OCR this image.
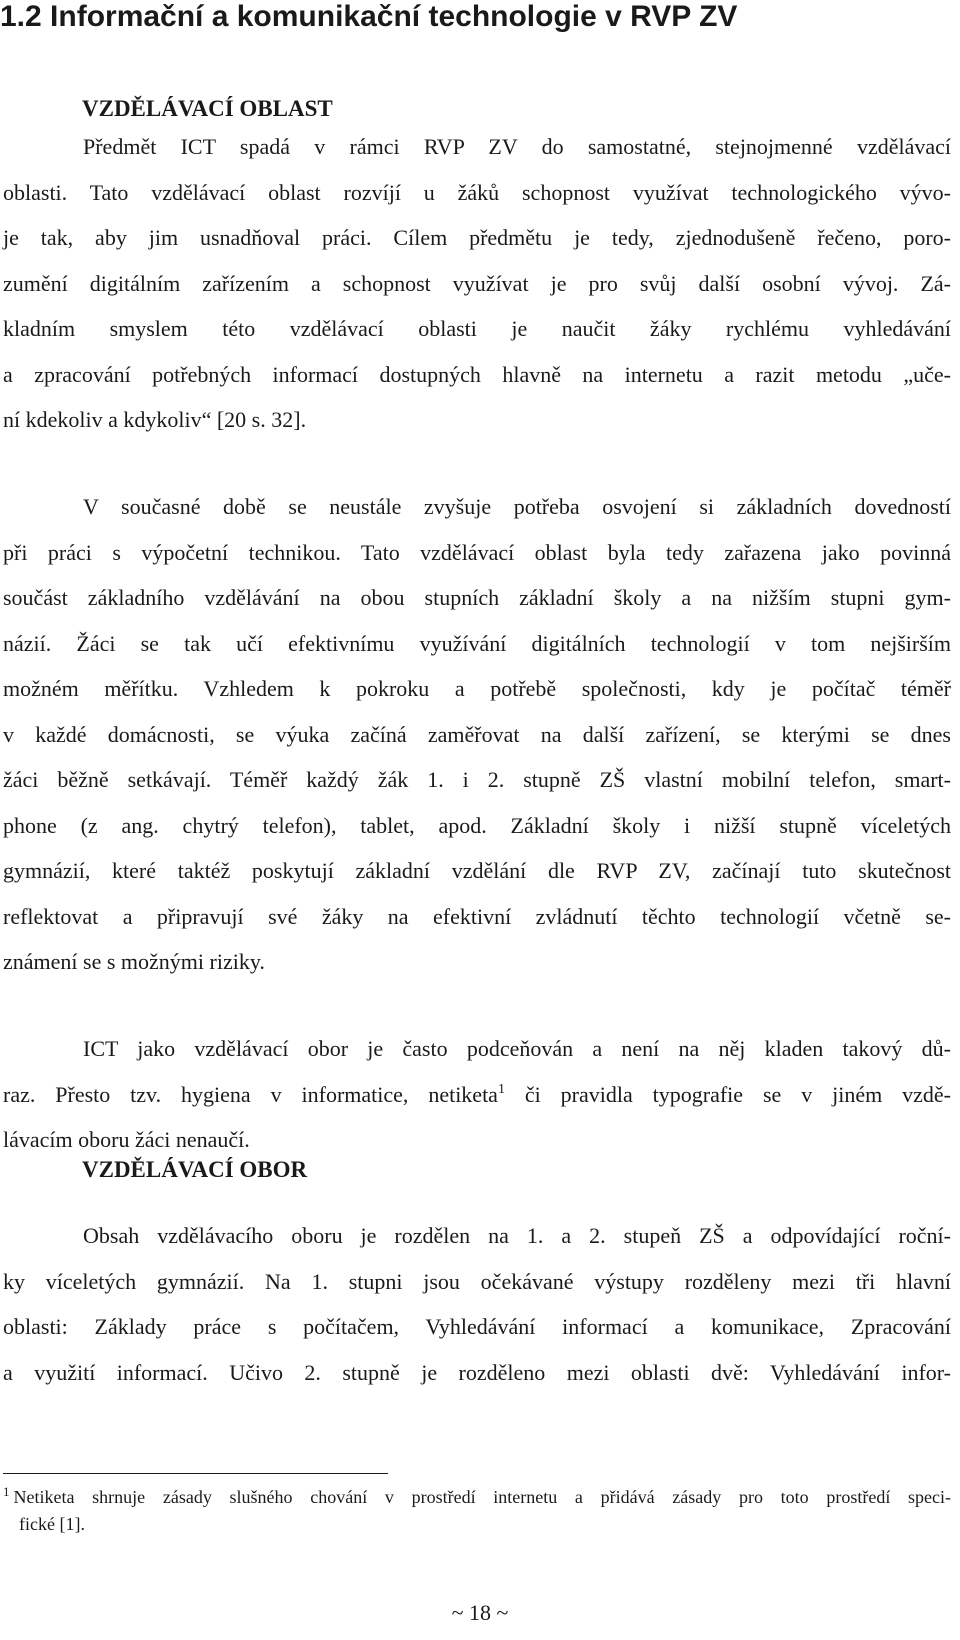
1.2 Informační a komunikační technologie v RVP ZV
VZDĚLÁVACÍ OBLAST

Předmět ICT spadá v rámci RVP ZV do samostatné, stejnojmenné vzdělávací
oblasti. Tato vzdělávací oblast rozvíjí u žáků schopnost využívat technologického vývo-
je tak, aby jim usnadňoval práci. Cílem předmětu je tedy, zjednodušeně řečeno, poro-
zumění digitálním zařízením a schopnost využívat je pro svůj další osobní vývoj. Zá-
kladním smyslem této vzdělávací oblasti je naučit žáky rychlému vyhledávání
a zpracování potřebných informací dostupných hlavně na internetu a razit metodu „uče-
ní kdekoliv a kdykoliv“ [20 s. 32].

V současné době se neustále zvyšuje potřeba osvojení si základních dovedností
při práci s výpočetní technikou. Tato vzdělávací oblast byla tedy zařazena jako povinná
součást základního vzdělávání na obou stupních základní školy a na nižším stupni gym-
názií. Žáci se tak učí efektivnímu využívání digitálních technologií v tom nejširším
možném měřítku. Vzhledem k pokroku a potřebě společnosti, kdy je počítač téměř
v každé domácnosti, se výuka začíná zaměřovat na další zařízení, se kterými se dnes
žáci běžně setkávají. Téměř každý žák 1. i 2. stupně ZŠ vlastní mobilní telefon, smart-
phone (z ang. chytrý telefon), tablet, apod. Základní školy i nižší stupně víceletých
gymnázií, které taktéž poskytují základní vzdělání dle RVP ZV, začínají tuto skutečnost
reflektovat a připravují své žáky na efektivní zvládnutí těchto technologií včetně se-
známení se s možnými riziky.

ICT jako vzdělávací obor je často podceňován a není na něj kladen takový dů-
raz. Přesto tzv. hygiena v informatice, netiketa$^1$ či pravidla typografie se v jiném vzdě-
lávacím oboru žáci nenaučí.

VZDĚLÁVACÍ OBOR

Obsah vzdělávacího oboru je rozdělen na 1. a 2. stupeň ZŠ a odpovídající roční-
ky víceletých gymnázií. Na 1. stupni jsou očekávané výstupy rozděleny mezi tři hlavní
oblasti: Základy práce s počítačem, Vyhledávání informací a komunikace, Zpracování
a využití informací. Učivo 2. stupně je rozděleno mezi oblasti dvě: Vyhledávání infor-

$^1$ Netiketa shrnuje zásady slušného chování v prostředí internetu a přidává zásady pro toto prostředí speci-
fické [1].

~ 18 ~
